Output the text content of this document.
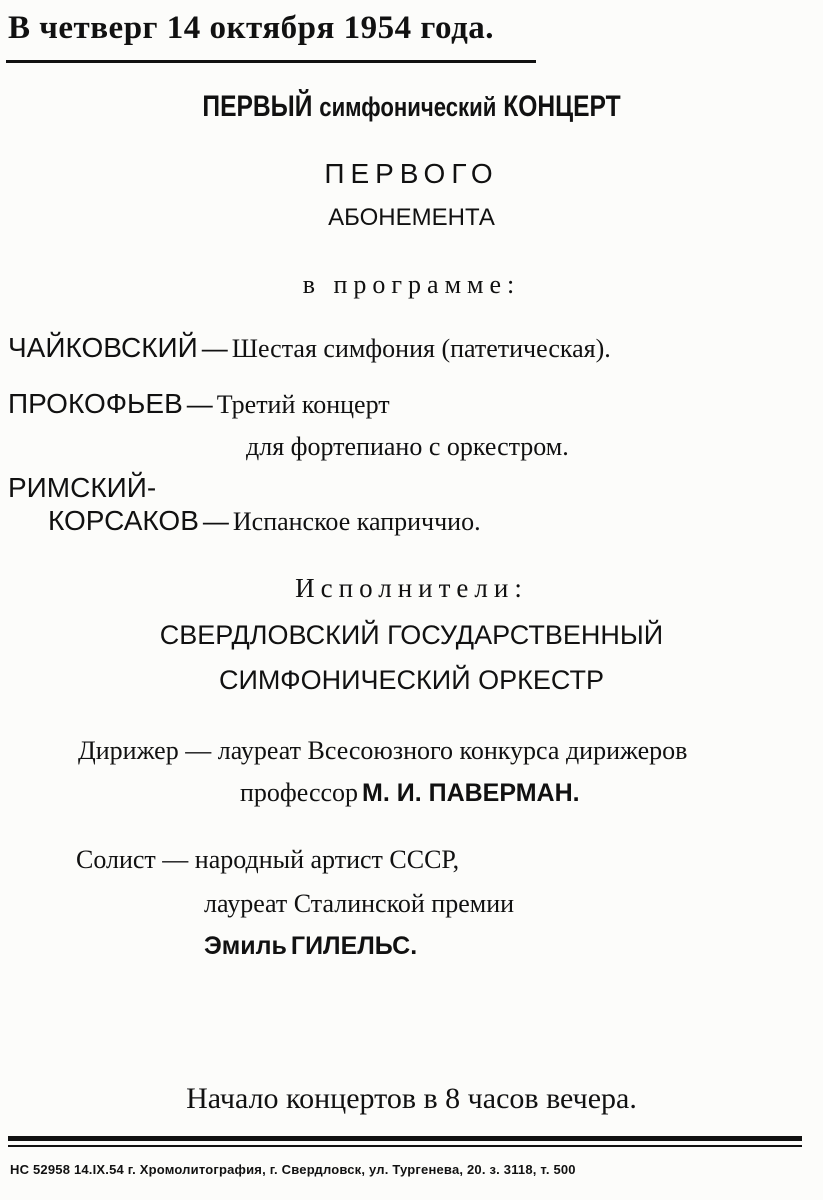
В четверг 14 октября 1954 года.
ПЕРВЫЙ симфонический КОНЦЕРТ
ПЕРВОГО
АБОНЕМЕНТА
в программе:
ЧАЙКОВСКИЙ — Шестая симфония (патетическая).
ПРОКОФЬЕВ — Третий концерт
для фортепиано с оркестром.
РИМСКИЙ-
КОРСАКОВ — Испанское каприччио.
Исполнители:
СВЕРДЛОВСКИЙ ГОСУДАРСТВЕННЫЙ
СИМФОНИЧЕСКИЙ ОРКЕСТР
Дирижер — лауреат Всесоюзного конкурса дирижеров
профессор М. И. ПАВЕРМАН.
Солист — народный артист СССР,
лауреат Сталинской премии
Эмиль ГИЛЕЛЬС.
Начало концертов в 8 часов вечера.
НС 52958 14.IX.54 г. Хромолитография, г. Свердловск, ул. Тургенева, 20. з. 3118, т. 500
